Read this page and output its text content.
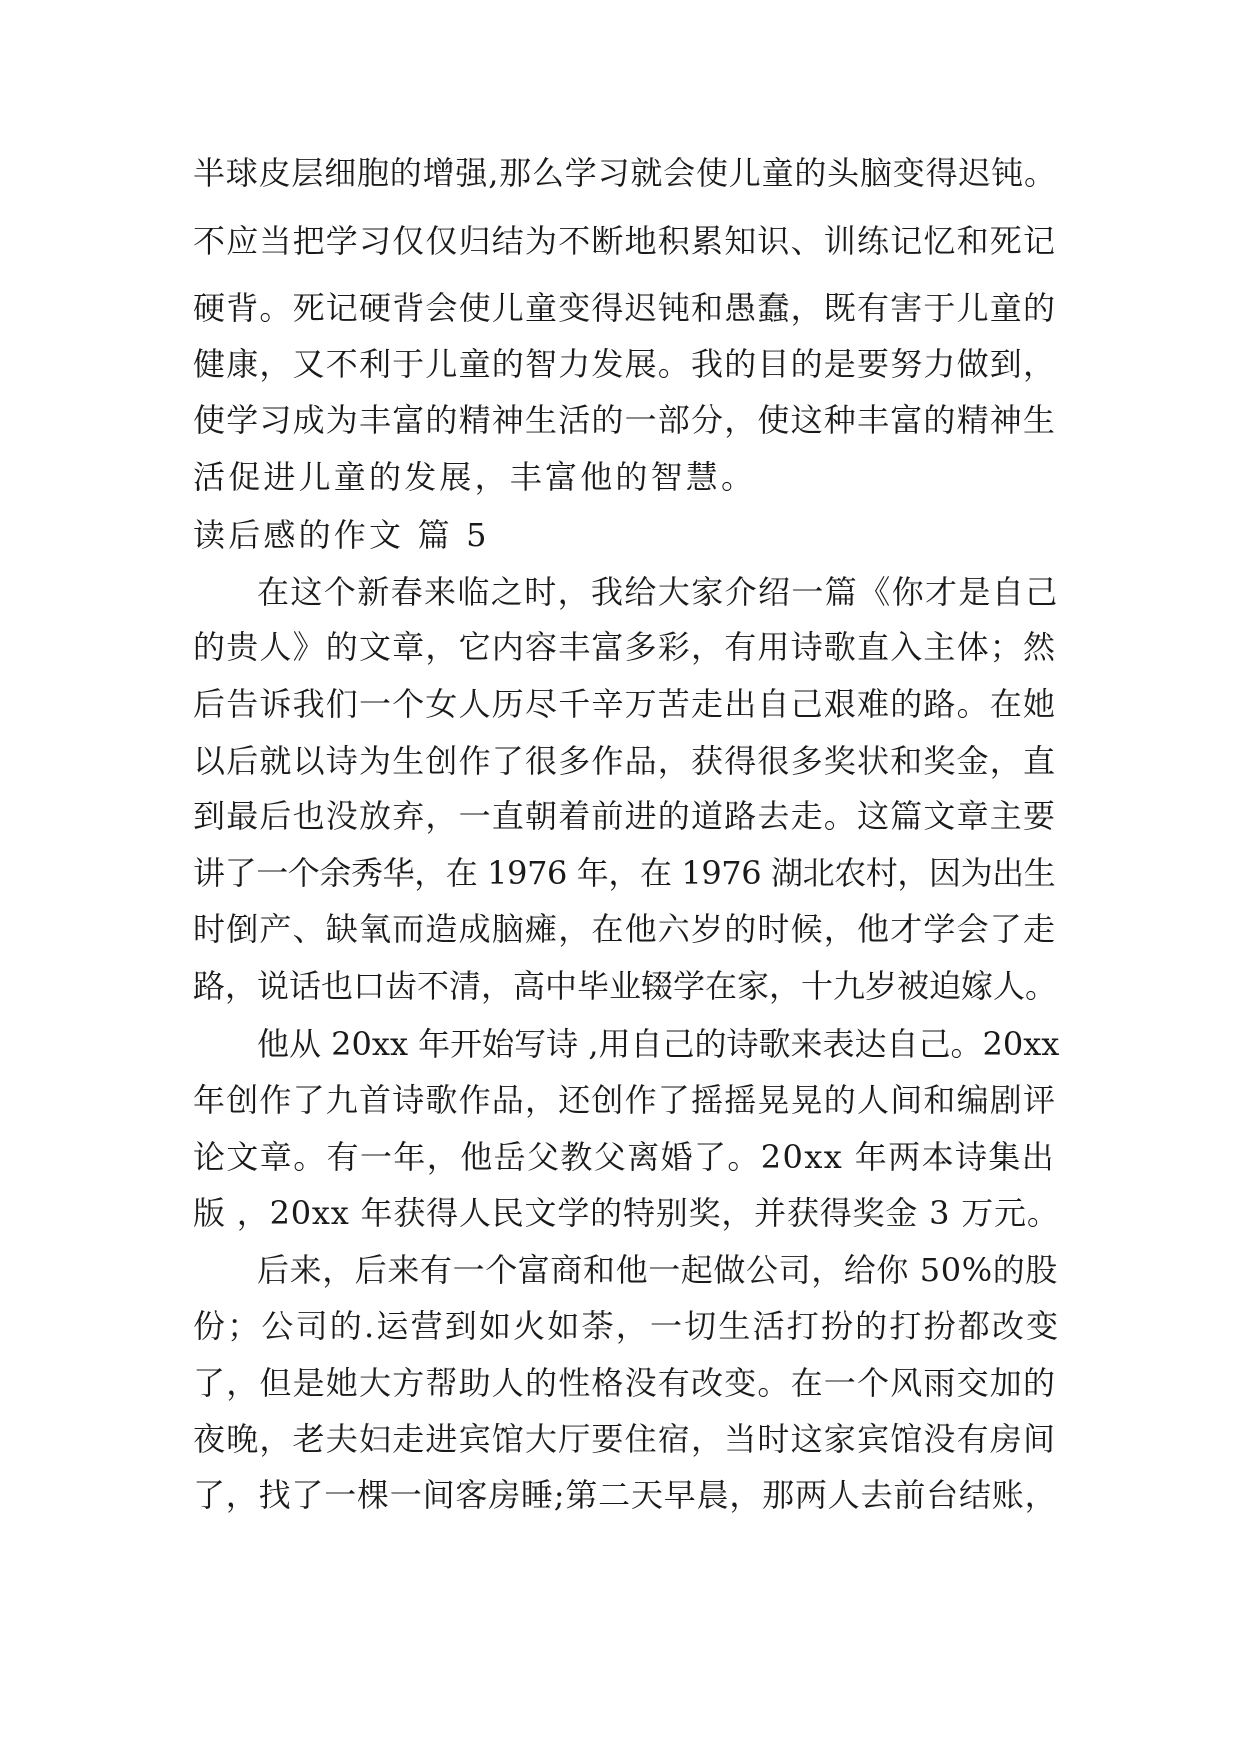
半球皮层细胞的增强,那么学习就会使儿童的头脑变得迟钝。
不应当把学习仅仅归结为不断地积累知识、训练记忆和死记
硬背。死记硬背会使儿童变得迟钝和愚蠢，既有害于儿童的
健康，又不利于儿童的智力发展。我的目的是要努力做到，
使学习成为丰富的精神生活的一部分，使这种丰富的精神生
活促进儿童的发展，丰富他的智慧。
读后感的作文 篇 5
在这个新春来临之时，我给大家介绍一篇《你才是自己
的贵人》的文章，它内容丰富多彩，有用诗歌直入主体；然
后告诉我们一个女人历尽千辛万苦走出自己艰难的路。在她
以后就以诗为生创作了很多作品，获得很多奖状和奖金，直
到最后也没放弃，一直朝着前进的道路去走。这篇文章主要
讲了一个余秀华，在 1976 年，在 1976 湖北农村，因为出生
时倒产、缺氧而造成脑瘫，在他六岁的时候，他才学会了走
路，说话也口齿不清，高中毕业辍学在家，十九岁被迫嫁人。
他从 20xx 年开始写诗 ,用自己的诗歌来表达自己。20xx
年创作了九首诗歌作品，还创作了摇摇晃晃的人间和编剧评
论文章。有一年，他岳父教父离婚了。20xx 年两本诗集出
版 ，20xx 年获得人民文学的特别奖，并获得奖金 3 万元。
后来，后来有一个富商和他一起做公司，给你 50%的股
份；公司的.运营到如火如荼，一切生活打扮的打扮都改变
了，但是她大方帮助人的性格没有改变。在一个风雨交加的
夜晚，老夫妇走进宾馆大厅要住宿，当时这家宾馆没有房间
了，找了一棵一间客房睡;第二天早晨，那两人去前台结账，
